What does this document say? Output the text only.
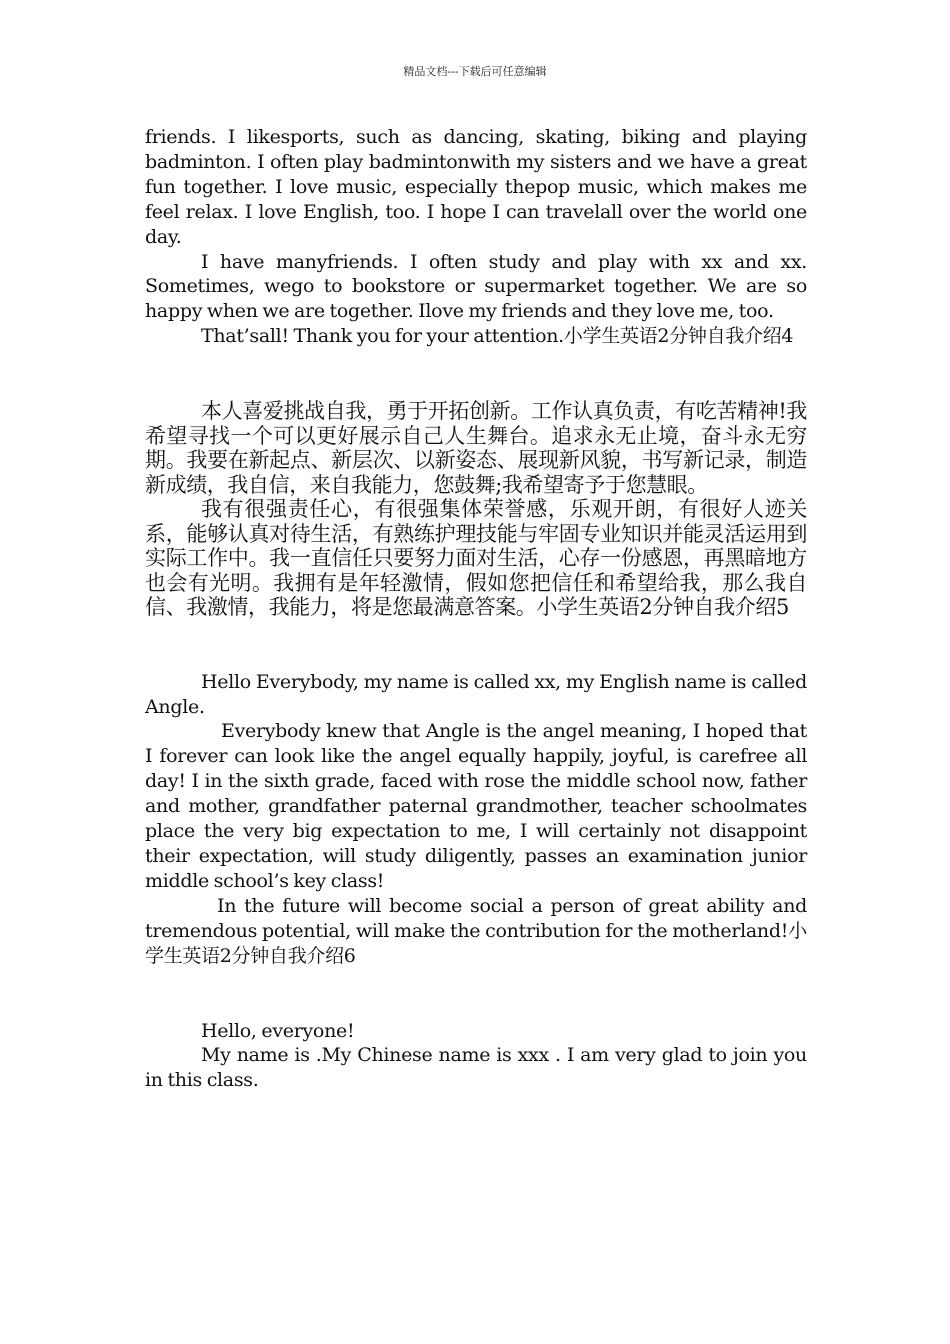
精品文档---下载后可任意编辑

friends. I likesports, such as dancing, skating, biking and playing badminton. I often play badmintonwith my sisters and we have a great fun together. I love music, especially thepop music, which makes me feel relax. I love English, too. I hope I can travelall over the world one day.

I have manyfriends. I often study and play with xx and xx. Sometimes, wego to bookstore or supermarket together. We are so happy when we are together. Ilove my friends and they love me, too.

That’sall! Thank you for your attention.小学生英语2分钟自我介绍4

本人喜爱挑战自我，勇于开拓创新。工作认真负责，有吃苦精神!我希望寻找一个可以更好展示自己人生舞台。追求永无止境，奋斗永无穷期。我要在新起点、新层次、以新姿态、展现新风貌，书写新记录，制造新成绩，我自信，来自我能力，您鼓舞;我希望寄予于您慧眼。

我有很强责任心，有很强集体荣誉感，乐观开朗，有很好人迹关系，能够认真对待生活，有熟练护理技能与牢固专业知识并能灵活运用到实际工作中。我一直信任只要努力面对生活，心存一份感恩，再黑暗地方也会有光明。我拥有是年轻激情，假如您把信任和希望给我，那么我自信、我激情，我能力，将是您最满意答案。小学生英语2分钟自我介绍5

Hello Everybody, my name is called xx, my English name is called Angle.

Everybody knew that Angle is the angel meaning, I hoped that I forever can look like the angel equally happily, joyful, is carefree all day! I in the sixth grade, faced with rose the middle school now, father and mother, grandfather paternal grandmother, teacher schoolmates place the very big expectation to me, I will certainly not disappoint their expectation, will study diligently, passes an examination junior middle school’s key class!

In the future will become social a person of great ability and tremendous potential, will make the contribution for the motherland!小学生英语2分钟自我介绍6

Hello, everyone!

My name is .My Chinese name is xxx . I am very glad to join you in this class.
